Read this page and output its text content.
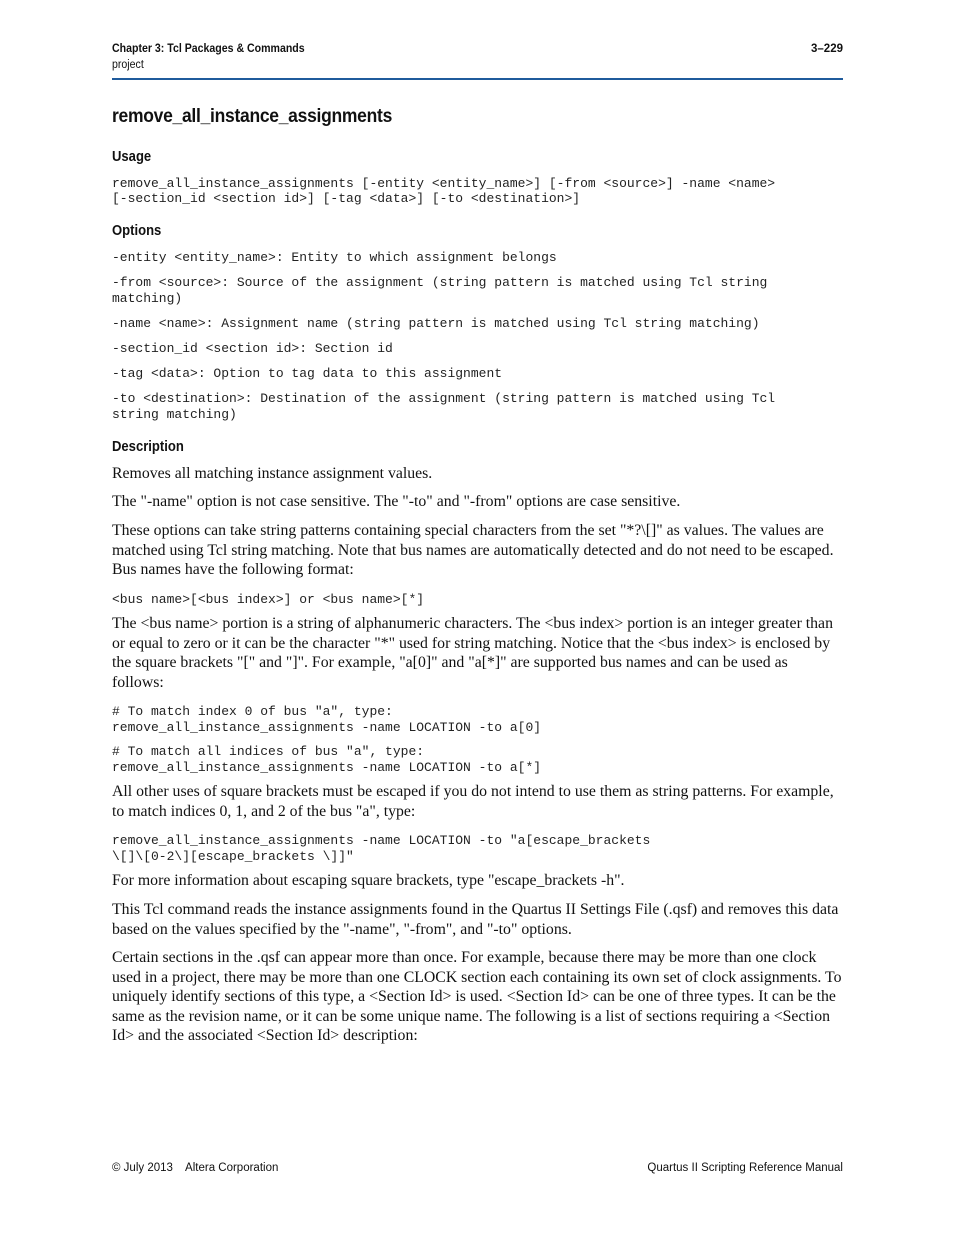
Chapter 3: Tcl Packages & Commands
project
3–229
remove_all_instance_assignments
Usage
remove_all_instance_assignments [-entity <entity_name>] [-from <source>] -name <name>
[-section_id <section id>] [-tag <data>] [-to <destination>]
Options
-entity <entity_name>: Entity to which assignment belongs
-from <source>: Source of the assignment (string pattern is matched using Tcl string
matching)
-name <name>: Assignment name (string pattern is matched using Tcl string matching)
-section_id <section id>: Section id
-tag <data>: Option to tag data to this assignment
-to <destination>: Destination of the assignment (string pattern is matched using Tcl
string matching)
Description
Removes all matching instance assignment values.
The "-name" option is not case sensitive. The "-to" and "-from" options are case sensitive.
These options can take string patterns containing special characters from the set "*?\[]" as values. The values are matched using Tcl string matching. Note that bus names are automatically detected and do not need to be escaped. Bus names have the following format:
<bus name>[<bus index>] or <bus name>[*]
The <bus name> portion is a string of alphanumeric characters. The <bus index> portion is an integer greater than or equal to zero or it can be the character "*" used for string matching. Notice that the <bus index> is enclosed by the square brackets "[" and "]". For example, "a[0]" and "a[*]" are supported bus names and can be used as follows:
# To match index 0 of bus "a", type:
remove_all_instance_assignments -name LOCATION -to a[0]
# To match all indices of bus "a", type:
remove_all_instance_assignments -name LOCATION -to a[*]
All other uses of square brackets must be escaped if you do not intend to use them as string patterns. For example, to match indices 0, 1, and 2 of the bus "a", type:
remove_all_instance_assignments -name LOCATION -to "a[escape_brackets
\[]\[0-2\][escape_brackets \]]"
For more information about escaping square brackets, type "escape_brackets -h".
This Tcl command reads the instance assignments found in the Quartus II Settings File (.qsf) and removes this data based on the values specified by the "-name", "-from", and "-to" options.
Certain sections in the .qsf can appear more than once. For example, because there may be more than one clock used in a project, there may be more than one CLOCK section each containing its own set of clock assignments. To uniquely identify sections of this type, a <Section Id> is used. <Section Id> can be one of three types. It can be the same as the revision name, or it can be some unique name. The following is a list of sections requiring a <Section Id> and the associated <Section Id> description:
© July 2013    Altera Corporation	Quartus II Scripting Reference Manual
